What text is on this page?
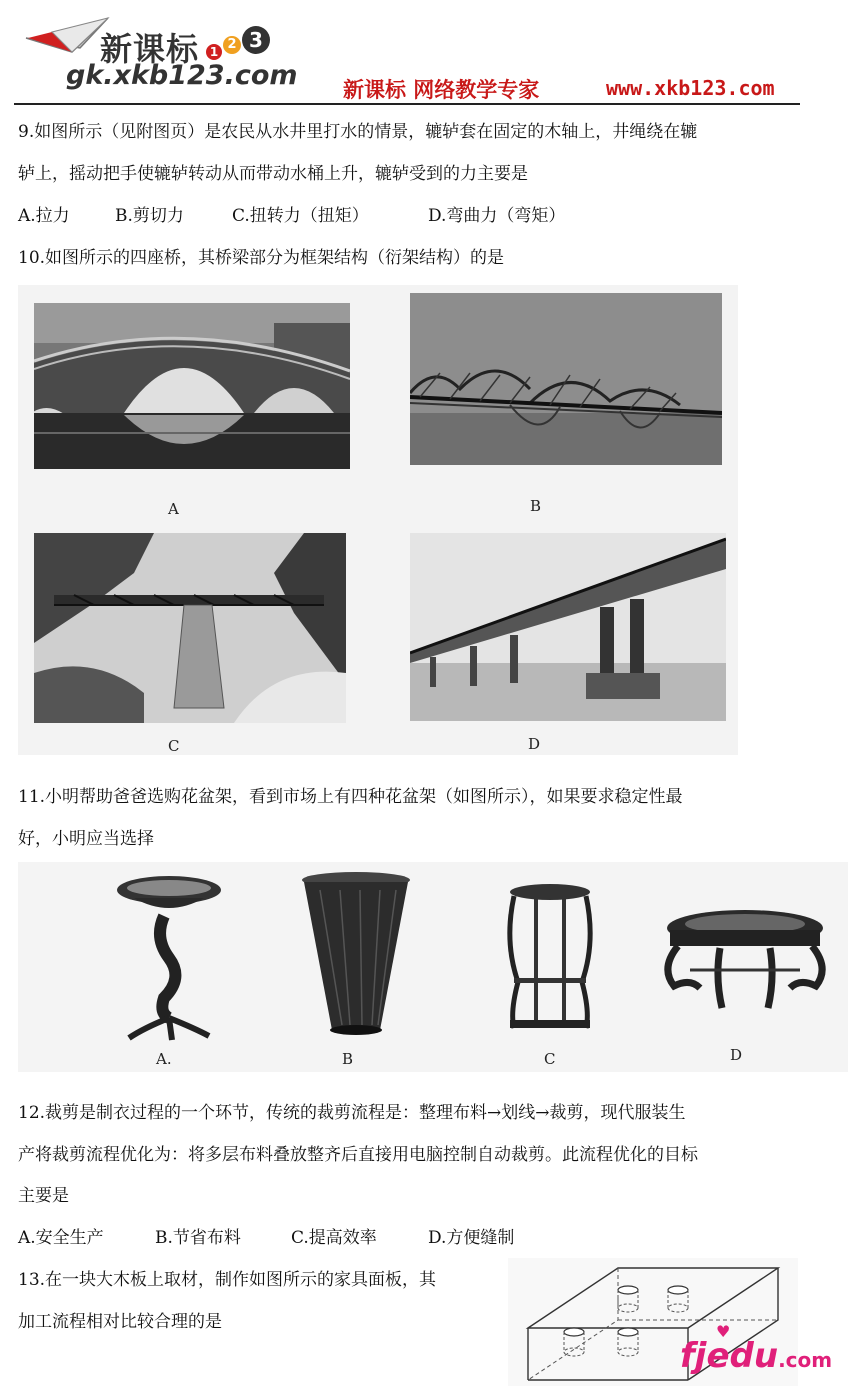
新课标 1 2 3
gk.xkb123.com 新课标 网络教学专家	www.xkb123.com
9.如图所示（见附图页）是农民从水井里打水的情景，辘轳套在固定的木轴上，井绳绕在辘
轳上，摇动把手使辘轳转动从而带动水桶上升，辘轳受到的力主要是
A.拉力	B.剪切力	C.扭转力（扭矩）	D.弯曲力（弯矩）
10.如图所示的四座桥，其桥梁部分为框架结构（衍架结构）的是
A	B
C	D
11.小明帮助爸爸选购花盆架，看到市场上有四种花盆架（如图所示），如果要求稳定性最
好，小明应当选择
A.	B	C	D
12.裁剪是制衣过程的一个环节，传统的裁剪流程是：整理布料→划线→裁剪，现代服装生
产将裁剪流程优化为：将多层布料叠放整齐后直接用电脑控制自动裁剪。此流程优化的目标
主要是
A.安全生产	B.节省布料	C.提高效率	D.方便缝制
13.在一块大木板上取材，制作如图所示的家具面板，其
加工流程相对比较合理的是	♥
fjedu.com
